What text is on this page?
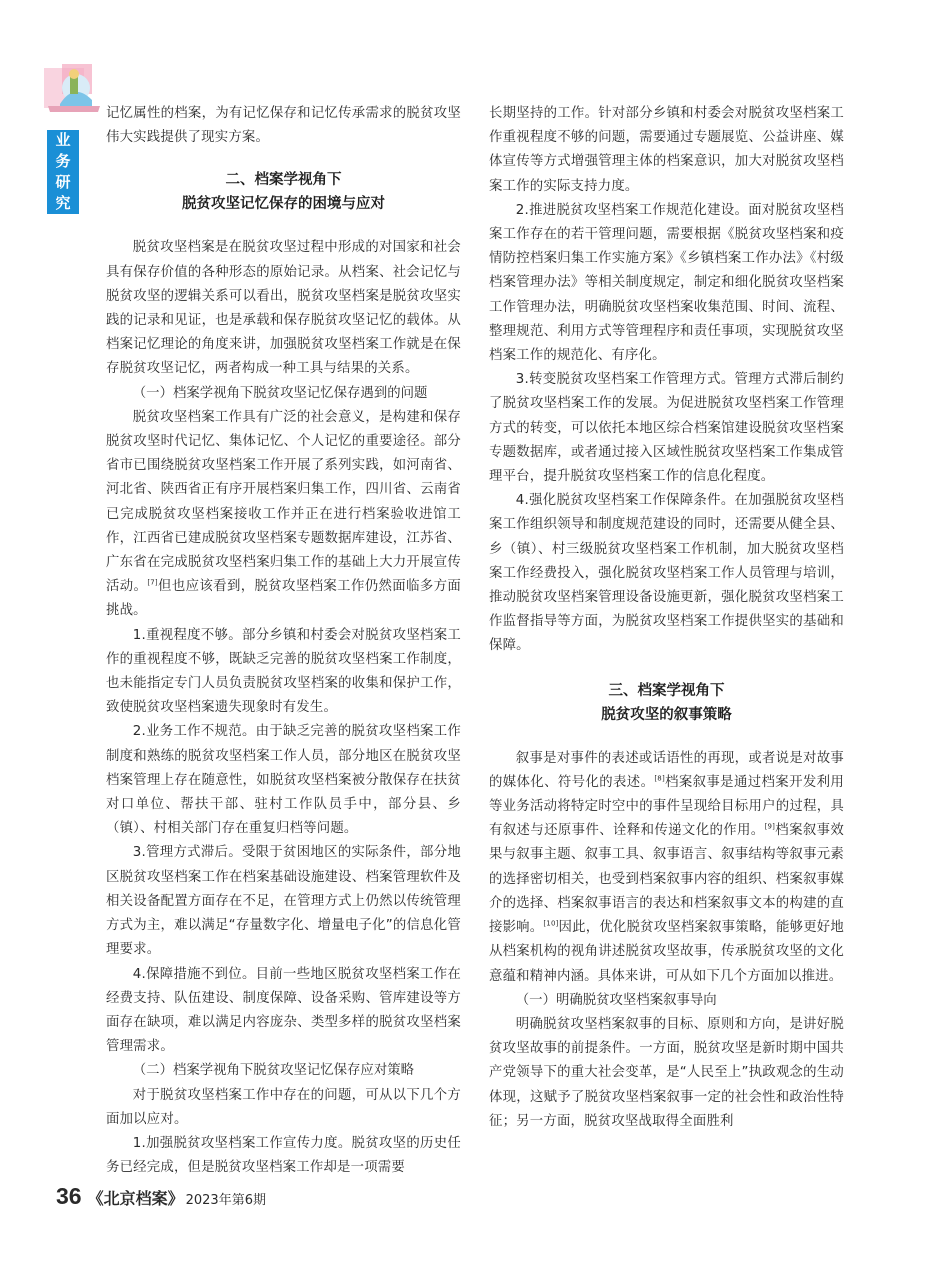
业
务
研
究

记忆属性的档案，为有记忆保存和记忆传承需求的脱贫攻坚伟大实践提供了现实方案。

二、档案学视角下
脱贫攻坚记忆保存的困境与应对

脱贫攻坚档案是在脱贫攻坚过程中形成的对国家和社会具有保存价值的各种形态的原始记录。从档案、社会记忆与脱贫攻坚的逻辑关系可以看出，脱贫攻坚档案是脱贫攻坚实践的记录和见证，也是承载和保存脱贫攻坚记忆的载体。从档案记忆理论的角度来讲，加强脱贫攻坚档案工作就是在保存脱贫攻坚记忆，两者构成一种工具与结果的关系。

（一）档案学视角下脱贫攻坚记忆保存遇到的问题

脱贫攻坚档案工作具有广泛的社会意义，是构建和保存脱贫攻坚时代记忆、集体记忆、个人记忆的重要途径。部分省市已围绕脱贫攻坚档案工作开展了系列实践，如河南省、河北省、陕西省正有序开展档案归集工作，四川省、云南省已完成脱贫攻坚档案接收工作并正在进行档案验收进馆工作，江西省已建成脱贫攻坚档案专题数据库建设，江苏省、广东省在完成脱贫攻坚档案归集工作的基础上大力开展宣传活动。[7]但也应该看到，脱贫攻坚档案工作仍然面临多方面挑战。

1.重视程度不够。部分乡镇和村委会对脱贫攻坚档案工作的重视程度不够，既缺乏完善的脱贫攻坚档案工作制度，也未能指定专门人员负责脱贫攻坚档案的收集和保护工作，致使脱贫攻坚档案遗失现象时有发生。

2.业务工作不规范。由于缺乏完善的脱贫攻坚档案工作制度和熟练的脱贫攻坚档案工作人员，部分地区在脱贫攻坚档案管理上存在随意性，如脱贫攻坚档案被分散保存在扶贫对口单位、帮扶干部、驻村工作队员手中，部分县、乡（镇）、村相关部门存在重复归档等问题。

3.管理方式滞后。受限于贫困地区的实际条件，部分地区脱贫攻坚档案工作在档案基础设施建设、档案管理软件及相关设备配置方面存在不足，在管理方式上仍然以传统管理方式为主，难以满足“存量数字化、增量电子化”的信息化管理要求。

4.保障措施不到位。目前一些地区脱贫攻坚档案工作在经费支持、队伍建设、制度保障、设备采购、管库建设等方面存在缺项，难以满足内容庞杂、类型多样的脱贫攻坚档案管理需求。

（二）档案学视角下脱贫攻坚记忆保存应对策略

对于脱贫攻坚档案工作中存在的问题，可从以下几个方面加以应对。

1.加强脱贫攻坚档案工作宣传力度。脱贫攻坚的历史任务已经完成，但是脱贫攻坚档案工作却是一项需要

长期坚持的工作。针对部分乡镇和村委会对脱贫攻坚档案工作重视程度不够的问题，需要通过专题展览、公益讲座、媒体宣传等方式增强管理主体的档案意识，加大对脱贫攻坚档案工作的实际支持力度。

2.推进脱贫攻坚档案工作规范化建设。面对脱贫攻坚档案工作存在的若干管理问题，需要根据《脱贫攻坚档案和疫情防控档案归集工作实施方案》《乡镇档案工作办法》《村级档案管理办法》等相关制度规定，制定和细化脱贫攻坚档案工作管理办法，明确脱贫攻坚档案收集范围、时间、流程、整理规范、利用方式等管理程序和责任事项，实现脱贫攻坚档案工作的规范化、有序化。

3.转变脱贫攻坚档案工作管理方式。管理方式滞后制约了脱贫攻坚档案工作的发展。为促进脱贫攻坚档案工作管理方式的转变，可以依托本地区综合档案馆建设脱贫攻坚档案专题数据库，或者通过接入区域性脱贫攻坚档案工作集成管理平台，提升脱贫攻坚档案工作的信息化程度。

4.强化脱贫攻坚档案工作保障条件。在加强脱贫攻坚档案工作组织领导和制度规范建设的同时，还需要从健全县、乡（镇）、村三级脱贫攻坚档案工作机制，加大脱贫攻坚档案工作经费投入，强化脱贫攻坚档案工作人员管理与培训，推动脱贫攻坚档案管理设备设施更新，强化脱贫攻坚档案工作监督指导等方面，为脱贫攻坚档案工作提供坚实的基础和保障。

三、档案学视角下
脱贫攻坚的叙事策略

叙事是对事件的表述或话语性的再现，或者说是对故事的媒体化、符号化的表述。[8]档案叙事是通过档案开发利用等业务活动将特定时空中的事件呈现给目标用户的过程，具有叙述与还原事件、诠释和传递文化的作用。[9]档案叙事效果与叙事主题、叙事工具、叙事语言、叙事结构等叙事元素的选择密切相关，也受到档案叙事内容的组织、档案叙事媒介的选择、档案叙事语言的表达和档案叙事文本的构建的直接影响。[10]因此，优化脱贫攻坚档案叙事策略，能够更好地从档案机构的视角讲述脱贫攻坚故事，传承脱贫攻坚的文化意蕴和精神内涵。具体来讲，可从如下几个方面加以推进。

（一）明确脱贫攻坚档案叙事导向

明确脱贫攻坚档案叙事的目标、原则和方向，是讲好脱贫攻坚故事的前提条件。一方面，脱贫攻坚是新时期中国共产党领导下的重大社会变革，是“人民至上”执政观念的生动体现，这赋予了脱贫攻坚档案叙事一定的社会性和政治性特征；另一方面，脱贫攻坚战取得全面胜利

36 《北京档案》 2023年第6期
